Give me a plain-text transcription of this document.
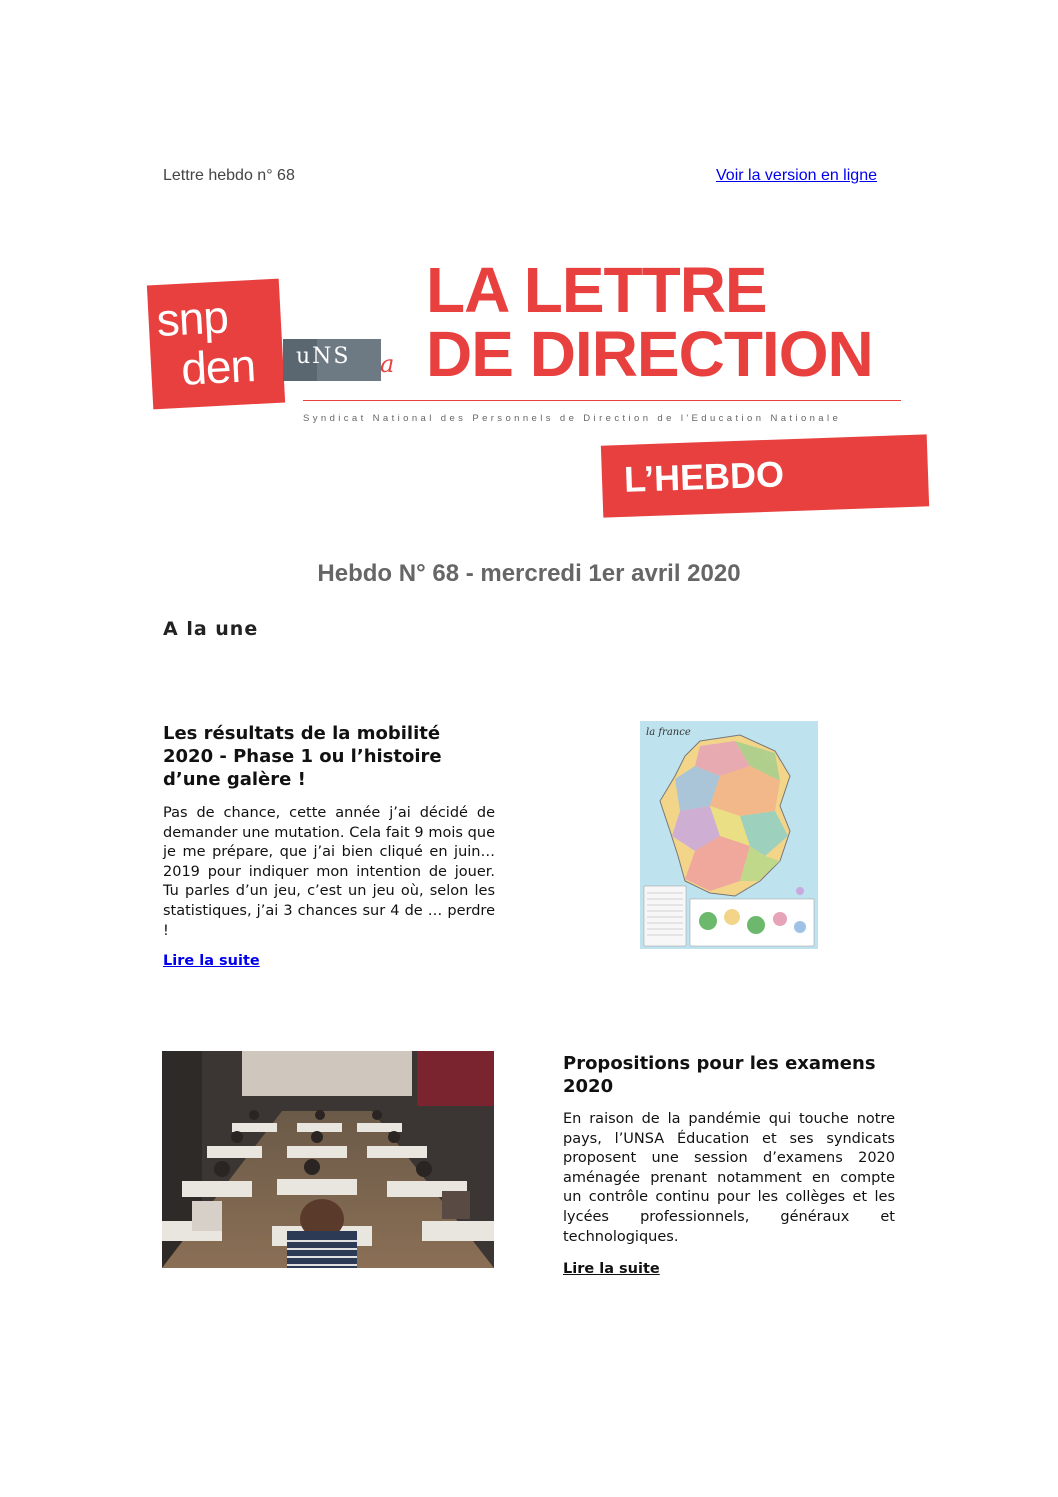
Lettre hebdo n° 68	Voir la version en ligne
snp
den uNS a
LA LETTRE
DE DIRECTION
Syndicat National des Personnels de Direction de l'Education Nationale
L’HEBDO
Hebdo N° 68 - mercredi 1er avril 2020
A la une
Les résultats de la mobilité 2020 - Phase 1 ou l’histoire d’une galère !
Pas de chance, cette année j’ai décidé de demander une mutation. Cela fait 9 mois que je me prépare, que j’ai bien cliqué en juin… 2019 pour indiquer mon intention de jouer. Tu parles d’un jeu, c’est un jeu où, selon les statistiques, j’ai 3 chances sur 4 de … perdre !
Lire la suite
la france
Propositions pour les examens 2020
En raison de la pandémie qui touche notre pays, l’UNSA Éducation et ses syndicats proposent une session d’examens 2020 aménagée prenant notamment en compte un contrôle continu pour les collèges et les lycées professionnels, généraux et technologiques.
Lire la suite
